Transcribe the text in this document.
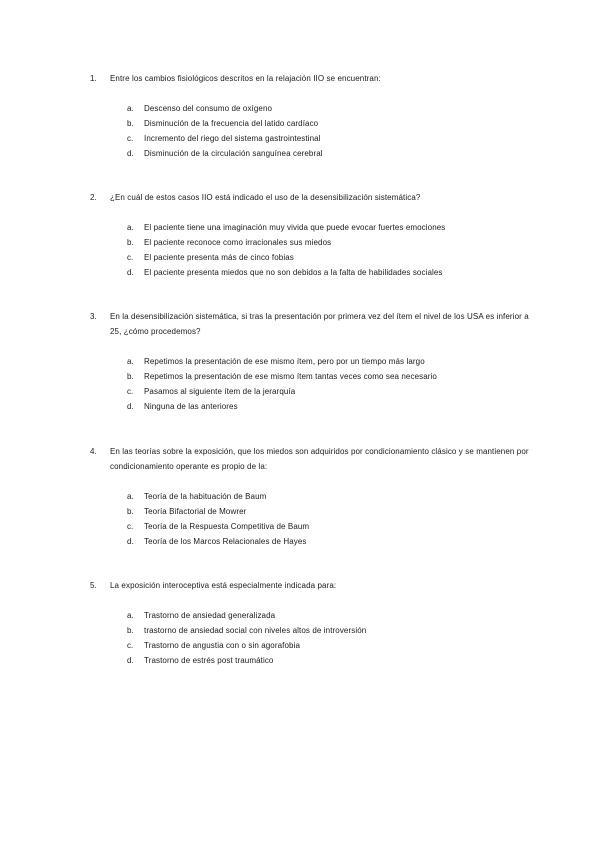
1.	Entre los cambios fisiológicos descritos en la relajación IIO se encuentran:
a.	Descenso del consumo de oxígeno
b.	Disminución de la frecuencia del latido cardíaco
c.	Incremento del riego del sistema gastrointestinal
d.	Disminución de la circulación sanguínea cerebral
2.	¿En cuál de estos casos IIO está indicado el uso de la desensibilización sistemática?
a.	El paciente tiene una imaginación muy vivida que puede evocar fuertes emociones
b.	El paciente reconoce como irracionales sus miedos
c.	El paciente presenta más de cinco fobias
d.	El paciente presenta miedos que no son debidos a la falta de habilidades sociales
3.	En la desensibilización sistemática, si tras la presentación por primera vez del ítem el nivel de los USA es inferior a 25, ¿cómo procedemos?
a.	Repetimos la presentación de ese mismo ítem, pero por un tiempo más largo
b.	Repetimos la presentación de ese mismo ítem tantas veces como sea necesario
c.	Pasamos al siguiente ítem de la jerarquía
d.	Ninguna de las anteriores
4.	En las teorías sobre la exposición, que los miedos son adquiridos por condicionamiento clásico y se mantienen por condicionamiento operante es propio de la:
a.	Teoría de la habituación de Baum
b.	Teoría Bifactorial de Mowrer
c.	Teoría de la Respuesta Competitiva de Baum
d.	Teoría de los Marcos Relacionales de Hayes
5.	La exposición interoceptiva está especialmente indicada para:
a.	Trastorno de ansiedad generalizada
b.	trastorno de ansiedad social con niveles altos de introversión
c.	Trastorno de angustia con o sin agorafobia
d.	Trastorno de estrés post traumático
